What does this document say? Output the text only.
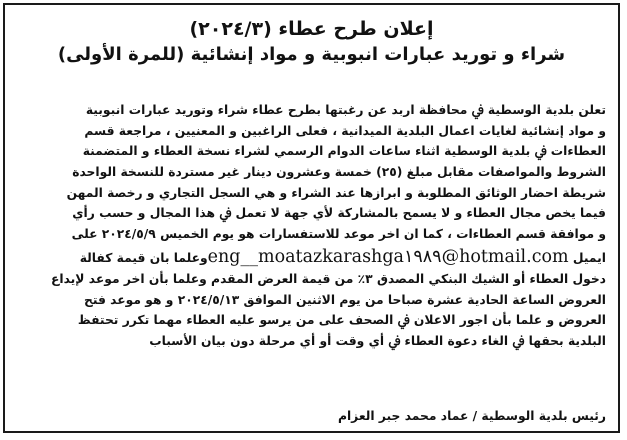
إعلان طرح عطاء (٢٠٢٤/٣)
شراء و توريد عبارات انبوبية و مواد إنشائية (للمرة الأولى)
تعلن بلدية الوسطية ﰲ محافظة اربد عن رغبتها بطرح عطاء شراء وتوريد عبارات انبوبية
و مواد إنشائية لغايات اعمال البلدية الميدانية ، فعلى الراغبين و المعنيين ، مراجعة قسم
العطاءات ﰲ بلدية الوسطية اثناء ساعات الدوام الرسمي لشراء نسخة العطاء و المتضمنة
الشروط والمواصفات مقابل مبلغ (٢٥) خمسة وعشرون دينار غير مستردة للنسخة الواحدة
شريطة احضار الوثائق المطلوبة و ابرازها عند الشراء و هي السجل التجاري و رخصة المهن
فيما يخص مجال العطاء و لا يسمح بالمشاركة لأي جهة لا تعمل ﰲ هذا المجال و حسب رأي
و موافقة قسم العطاءات ، كما ان اخر موعد للاستفسارات هو يوم الخميس ٢٠٢٤/٥/٩ على
ايميل eng__moatazkarashga١٩٨٩@hotmail.comوعلما بان قيمة كفالة
دخول العطاء أو الشيك البنكي المصدق ٣٪ من قيمة العرض المقدم وعلما بأن اخر موعد لإيداع
العروض الساعة الحادية عشرة صباحا من يوم الاثنين الموافق ٢٠٢٤/٥/١٣ و هو موعد فتح
العروض و علما بأن اجور الاعلان ﰲ الصحف على من يرسو عليه العطاء مهما تكرر تحتفظ
البلدية بحقها ﰲ الغاء دعوة العطاء ﰲ أي وقت أو أي مرحلة دون بيان الأسباب
رئيس بلدية الوسطية / عماد محمد جبر العزام
